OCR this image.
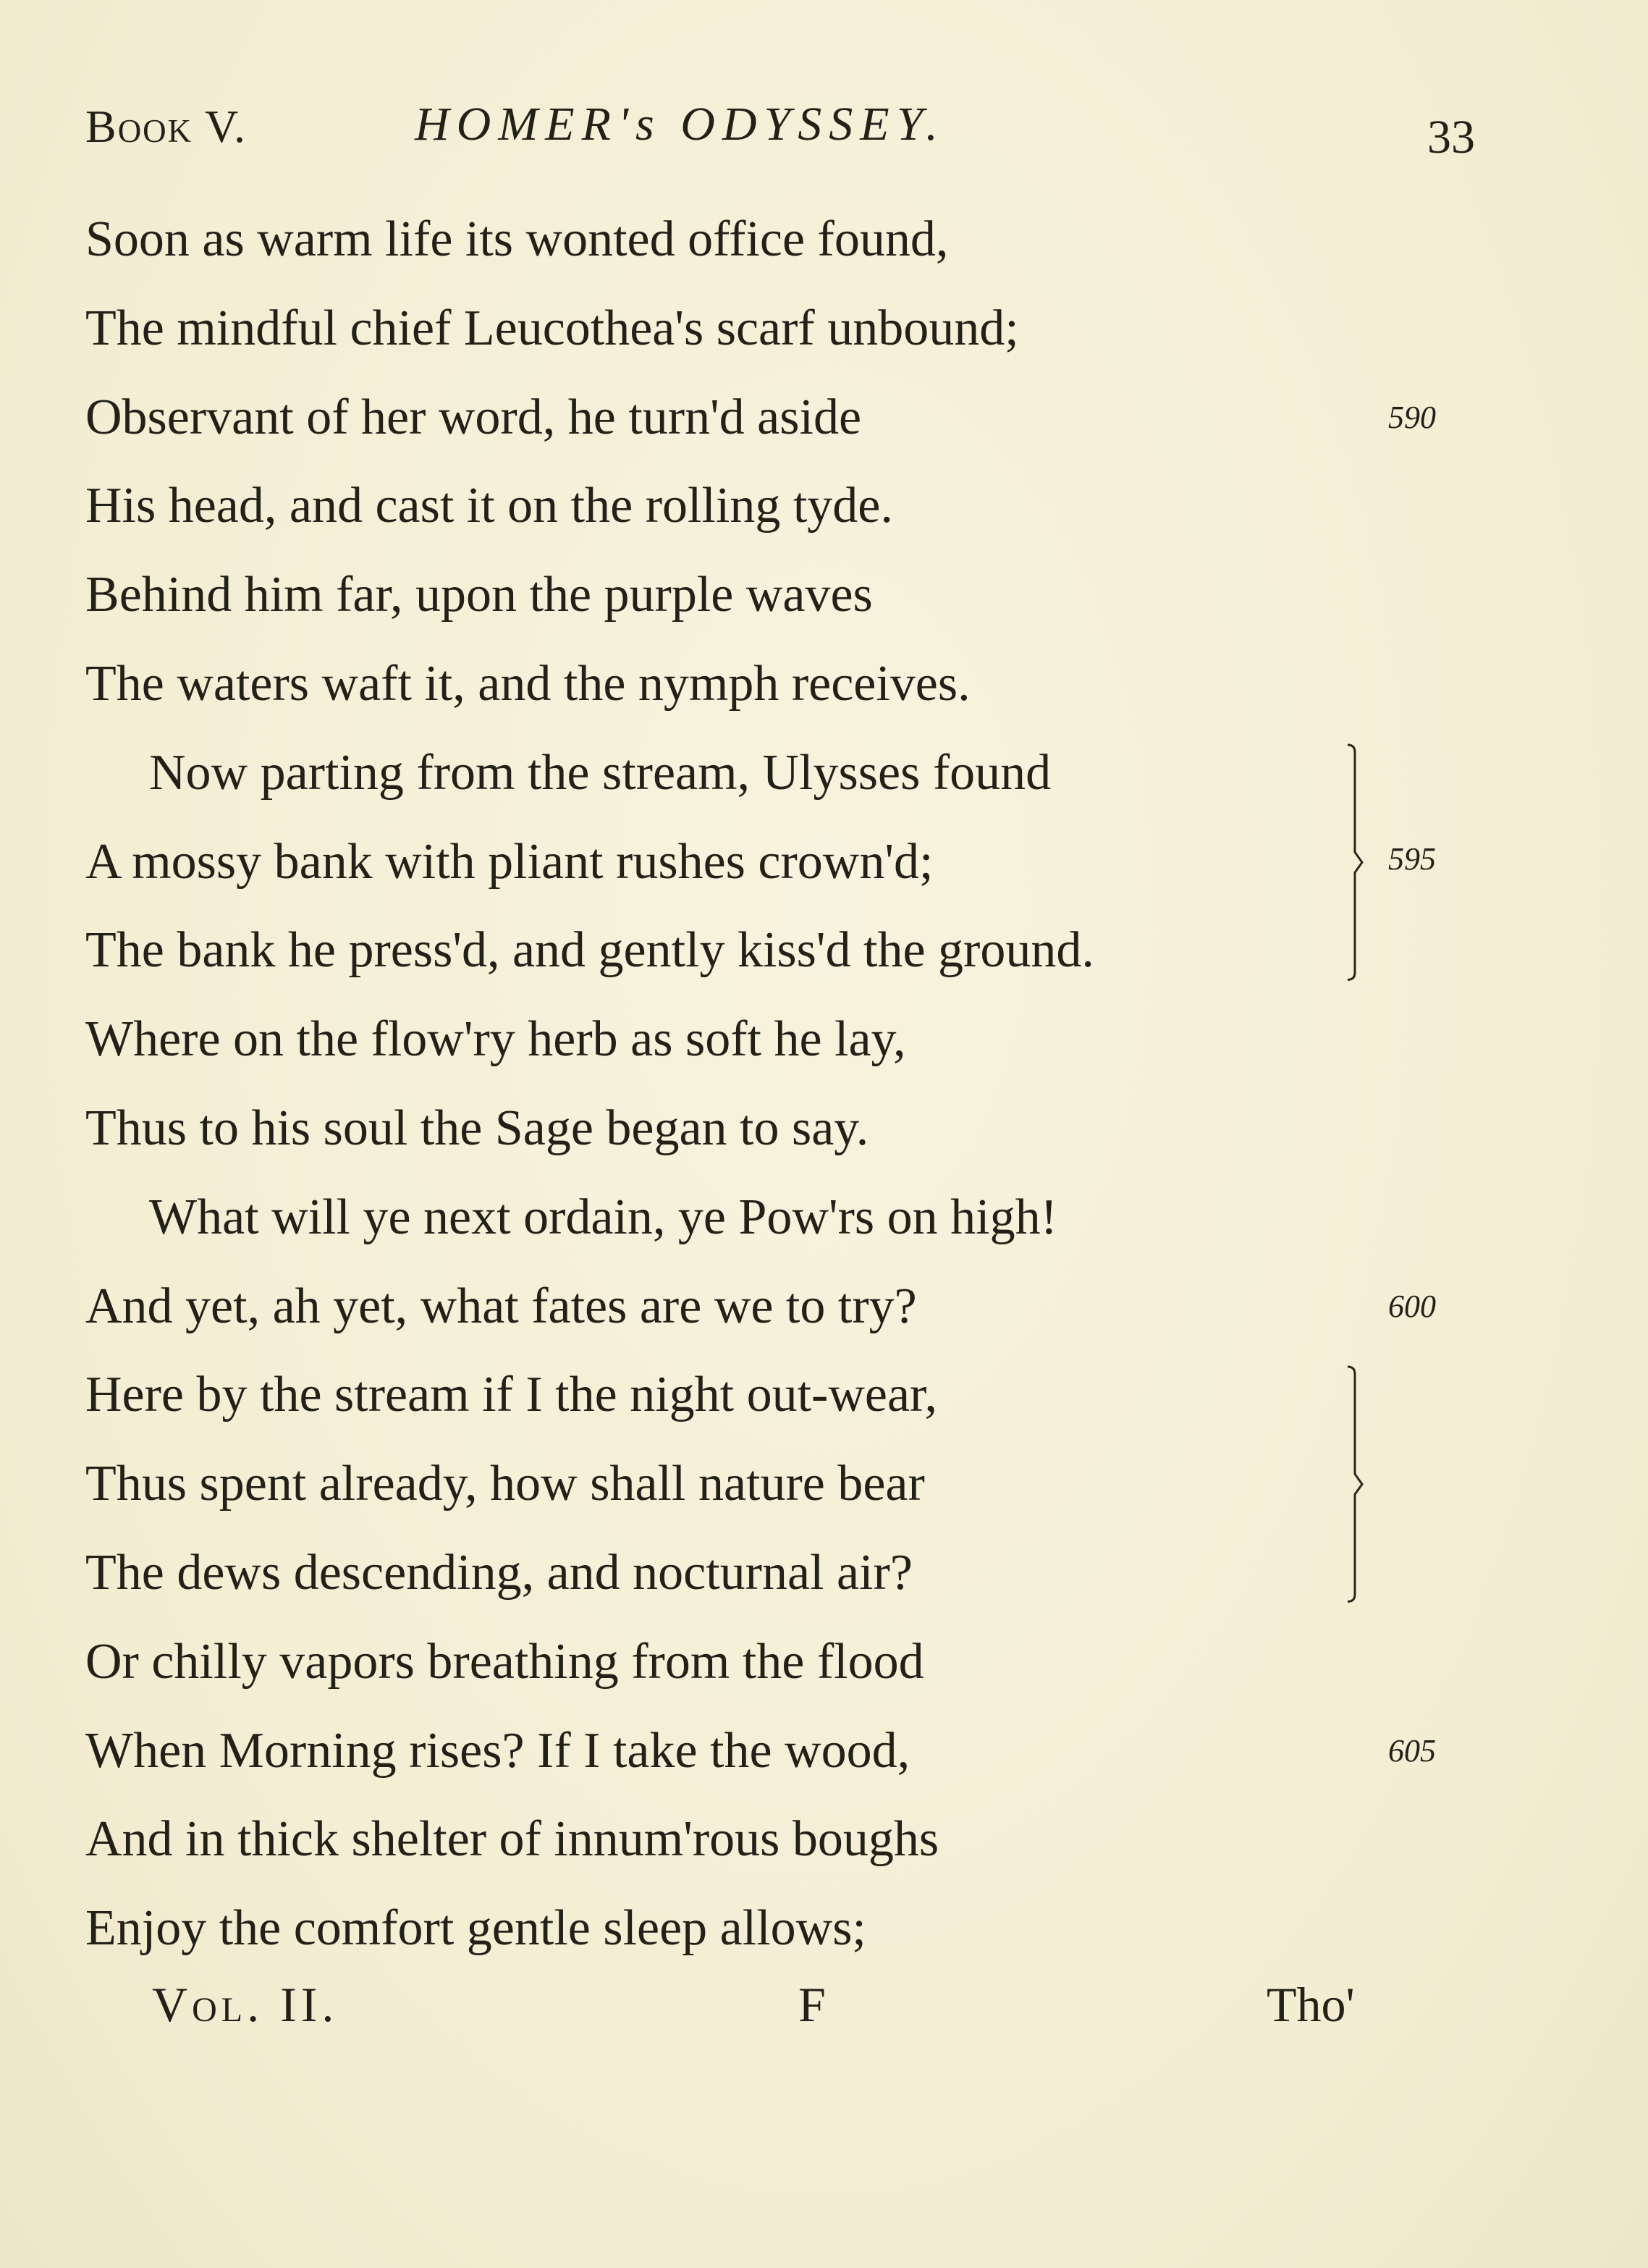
Book V.	HOMER's ODYSSEY.	33
Soon as warm life its wonted office found,
The mindful chief Leucothea's scarf unbound;
Observant of her word, he turn'd aside	590
His head, and cast it on the rolling tyde.
Behind him far, upon the purple waves
The waters waft it, and the nymph receives.
Now parting from the stream, Ulysses found
A mossy bank with pliant rushes crown'd;
The bank he press'd, and gently kiss'd the ground.
Where on the flow'ry herb as soft he lay,
Thus to his soul the Sage began to say.
What will ye next ordain, ye Pow'rs on high!
And yet, ah yet, what fates are we to try?	600
Here by the stream if I the night out-wear,
Thus spent already, how shall nature bear
The dews descending, and nocturnal air?
Or chilly vapors breathing from the flood
When Morning rises? If I take the wood,	605
And in thick shelter of innum'rous boughs
Enjoy the comfort gentle sleep allows;
595
Vol. II.	F	Tho'
